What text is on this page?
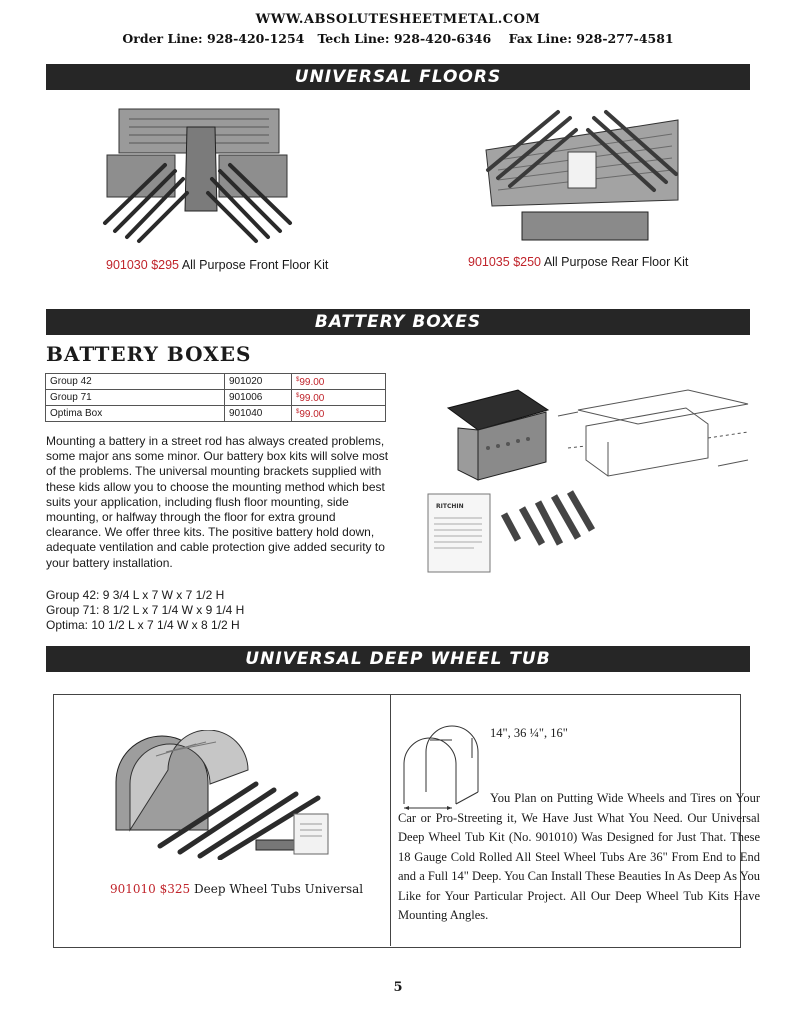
WWW.ABSOLUTESHEETMETAL.COM
Order Line: 928-420-1254 Tech Line: 928-420-6346 Fax Line: 928-277-4581
UNIVERSAL FLOORS
901030 $295 All Purpose Front Floor Kit	901035 $250 All Purpose Rear Floor Kit
BATTERY BOXES
BATTERY BOXES
Group 42	901020	$99.00
Group 71	901006	$99.00
Optima Box	901040	$99.00
Mounting a battery in a street rod has always created problems, some major ans some minor. Our battery box kits will solve most of the problems. The universal mounting brackets supplied with these kids allow you to choose the mounting method which best suits your application, including flush floor mounting, side mounting, or halfway through the floor for extra ground clearance. We offer three kits. The positive battery hold down, adequate ventilation and cable protection give added security to your battery installation.
Group 42: 9 3/4 L x 7 W x 7 1/2 H
Group 71: 8 1/2 L x 7 1/4 W x 9 1/4 H
Optima: 10 1/2 L x 7 1/4 W x 8 1/2 H
RITCHIN
UNIVERSAL DEEP WHEEL TUB
901010 $325 Deep Wheel Tubs Universal
14", 36 ¼", 16"
You Plan on Putting Wide Wheels and Tires on Your Car or Pro-Streeting it, We Have Just What You Need. Our Universal Deep Wheel Tub Kit (No. 901010) Was Designed for Just That. These 18 Gauge Cold Rolled All Steel Wheel Tubs Are 36" From End to End and a Full 14" Deep. You Can Install These Beauties In As Deep As You Like for Your Particular Project. All Our Deep Wheel Tub Kits Have Mounting Angles.
5
